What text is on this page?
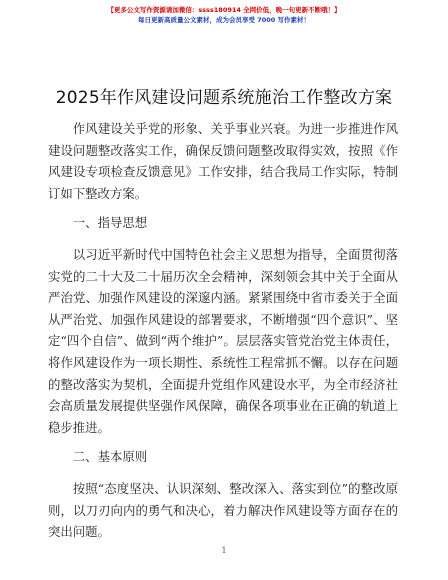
【更多公文写作资源请加微信：ssss180914 全网价低，晚一句更新不断哦！】
每日更新高质量公文素材，成为会员享受 7000 写作素材！
2025年作风建设问题系统施治工作整改方案

作风建设关乎党的形象、关乎事业兴衰。为进一步推进作风建设问题整改落实工作，确保反馈问题整改取得实效，按照《作风建设专项检查反馈意见》工作安排，结合我局工作实际，特制订如下整改方案。

一、指导思想

以习近平新时代中国特色社会主义思想为指导，全面贯彻落实党的二十大及二十届历次全会精神，深刻领会其中关于全面从严治党、加强作风建设的深邃内涵。紧紧围绕中省市委关于全面从严治党、加强作风建设的部署要求，不断增强“四个意识”、坚定“四个自信”、做到“两个维护”。层层落实管党治党主体责任，将作风建设作为一项长期性、系统性工程常抓不懈。以存在问题的整改落实为契机，全面提升党组作风建设水平，为全市经济社会高质量发展提供坚强作风保障，确保各项事业在正确的轨道上稳步推进。

二、基本原则

按照“态度坚决、认识深刻、整改深入、落实到位”的整改原则，以刀刃向内的勇气和决心，着力解决作风建设等方面存在的突出问题。

1
